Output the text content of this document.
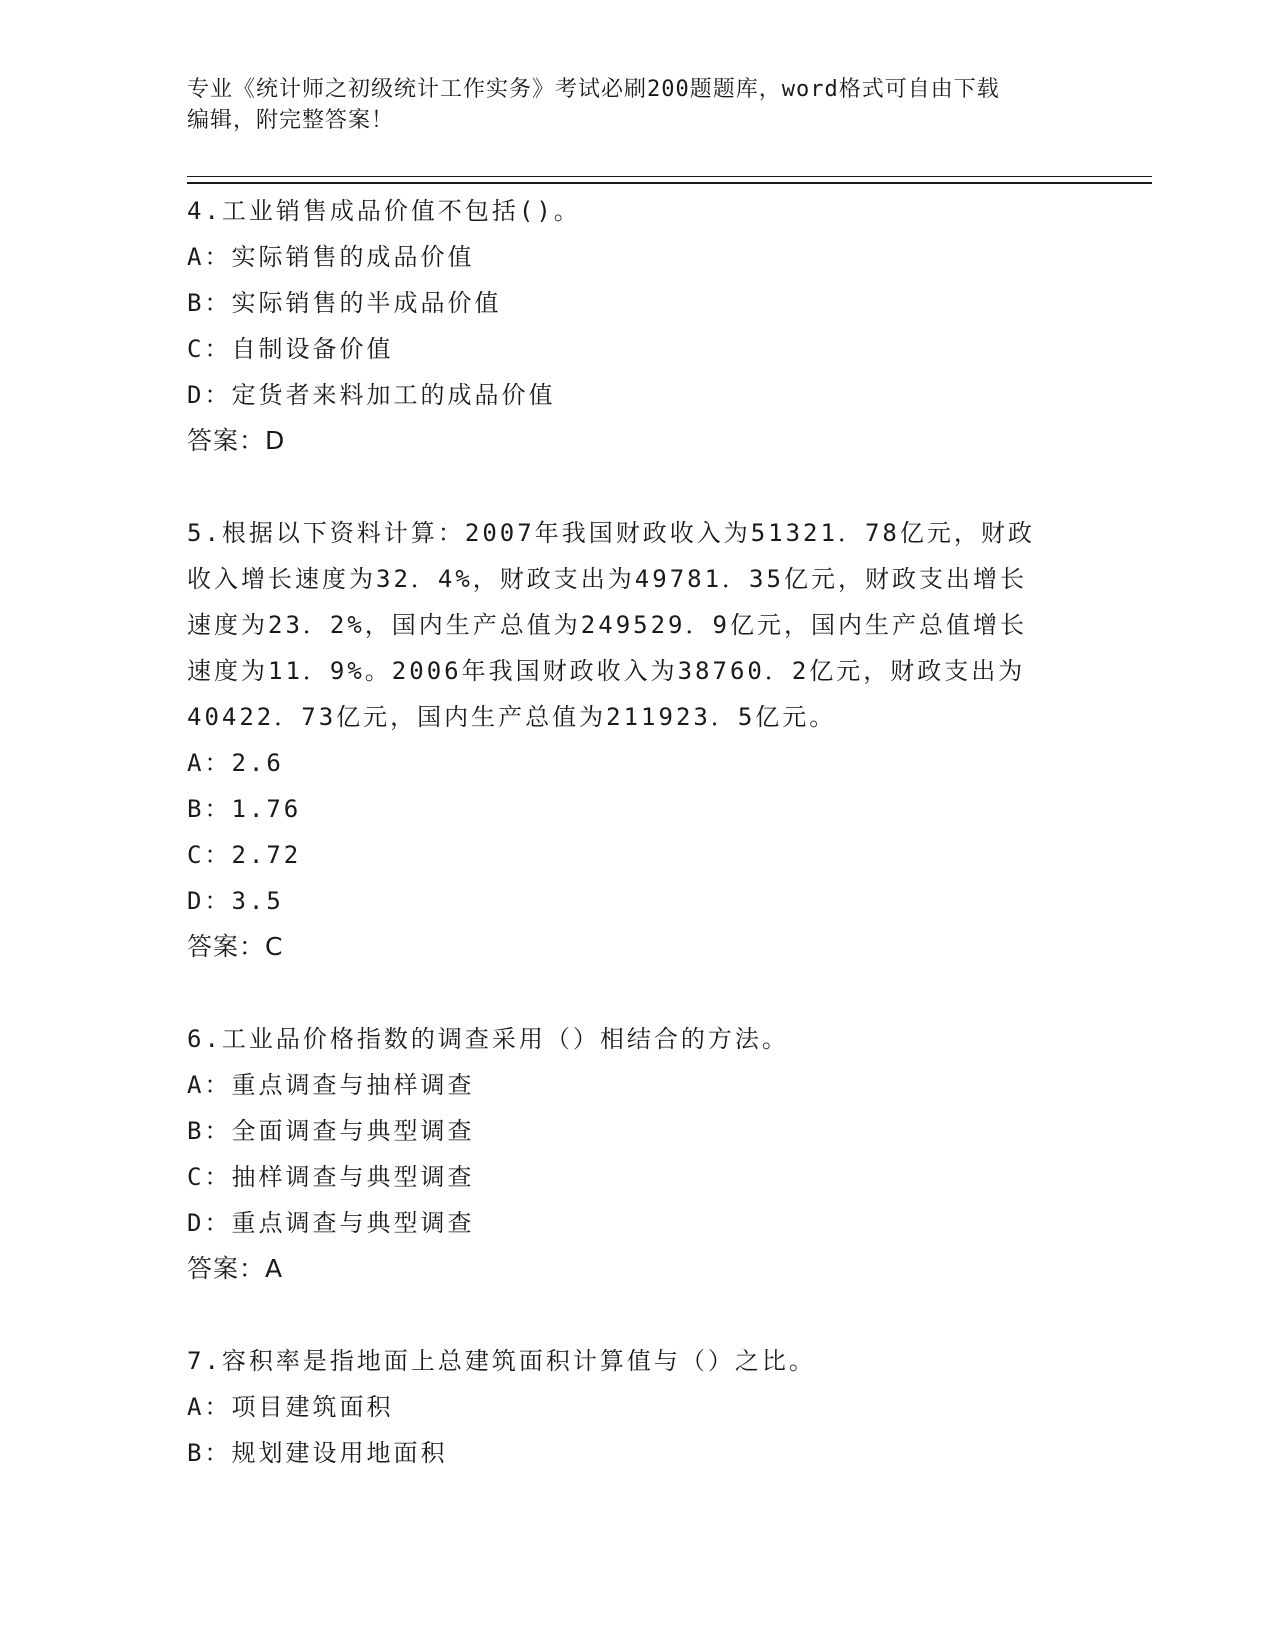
专业《统计师之初级统计工作实务》考试必刷200题题库，word格式可自由下载
编辑，附完整答案！
4.工业销售成品价值不包括()。
A：实际销售的成品价值
B：实际销售的半成品价值
C：自制设备价值
D：定货者来料加工的成品价值
答案：D
5.根据以下资料计算：2007年我国财政收入为51321．78亿元，财政
收入增长速度为32．4%，财政支出为49781．35亿元，财政支出增长
速度为23．2%，国内生产总值为249529．9亿元，国内生产总值增长
速度为11．9%。2006年我国财政收入为38760．2亿元，财政支出为
40422．73亿元，国内生产总值为211923．5亿元。
A：2.6
B：1.76
C：2.72
D：3.5
答案：C
6.工业品价格指数的调查采用（）相结合的方法。
A：重点调查与抽样调查
B：全面调查与典型调查
C：抽样调查与典型调查
D：重点调查与典型调查
答案：A
7.容积率是指地面上总建筑面积计算值与（）之比。
A：项目建筑面积
B：规划建设用地面积
